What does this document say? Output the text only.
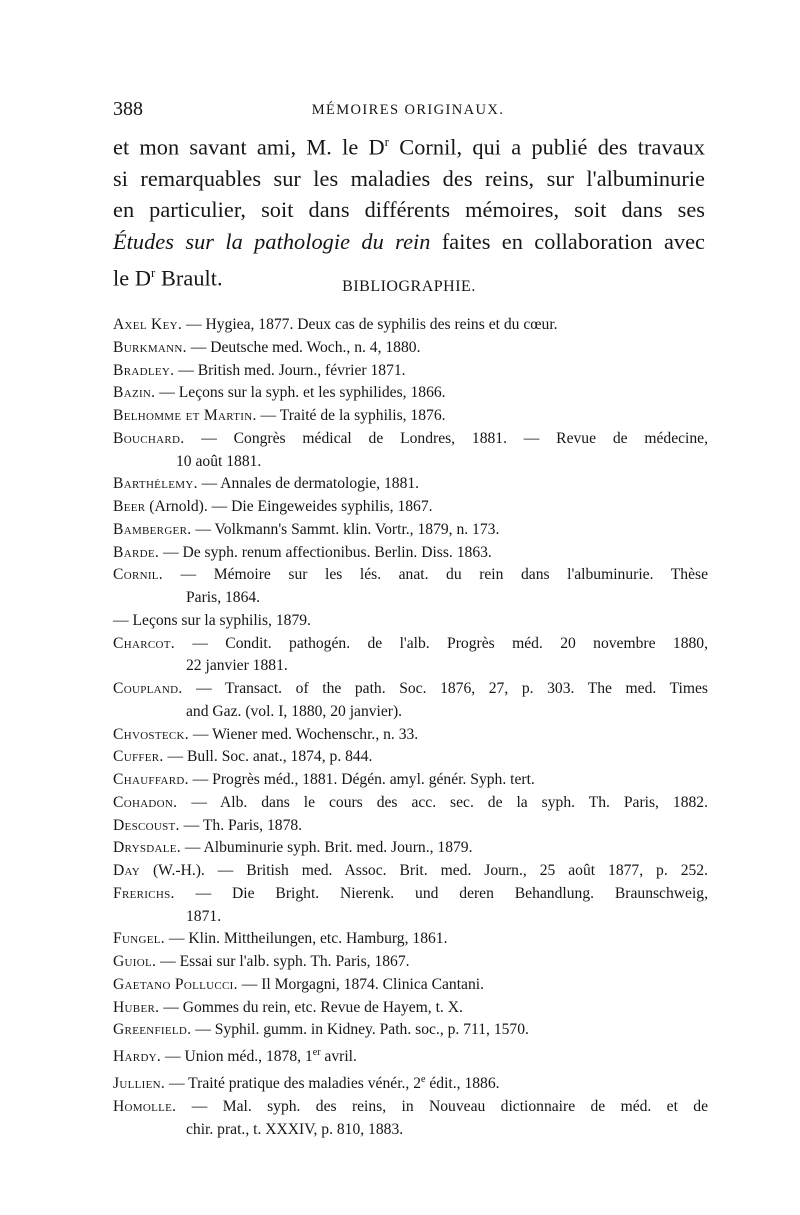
388	MÉMOIRES ORIGINAUX.
et mon savant ami, M. le $D^r$ Cornil, qui a publié des travaux
si remarquables sur les maladies des reins, sur l'albuminurie
en particulier, soit dans différents mémoires, soit dans ses
Études sur la pathologie du rein faites en collaboration avec
le $D^r$ Brault.	BIBLIOGRAPHIE.
Axel Key. — Hygiea, 1877. Deux cas de syphilis des reins et du cœur.
Burkmann. — Deutsche med. Woch., n. 4, 1880.
Bradley. — British med. Journ., février 1871.
Bazin. — Leçons sur la syph. et les syphilides, 1866.
Belhomme et Martin. — Traité de la syphilis, 1876.
Bouchard. — Congrès médical de Londres, 1881. — Revue de médecine,
10 août 1881.
Barthélemy. — Annales de dermatologie, 1881.
Beer (Arnold). — Die Eingeweides syphilis, 1867.
Bamberger. — Volkmann's Sammt. klin. Vortr., 1879, n. 173.
Barde. — De syph. renum affectionibus. Berlin. Diss. 1863.
Cornil. — Mémoire sur les lés. anat. du rein dans l'albuminurie. Thèse
Paris, 1864.
— Leçons sur la syphilis, 1879.
Charcot. — Condit. pathogén. de l'alb. Progrès méd. 20 novembre 1880,
22 janvier 1881.
Coupland. — Transact. of the path. Soc. 1876, 27, p. 303. The med. Times
and Gaz. (vol. I, 1880, 20 janvier).
Chvosteck. — Wiener med. Wochenschr., n. 33.
Cuffer. — Bull. Soc. anat., 1874, p. 844.
Chauffard. — Progrès méd., 1881. Dégén. amyl. génér. Syph. tert.
Cohadon. — Alb. dans le cours des acc. sec. de la syph. Th. Paris, 1882.
Descoust. — Th. Paris, 1878.
Drysdale. — Albuminurie syph. Brit. med. Journ., 1879.
Day (W.-H.). — British med. Assoc. Brit. med. Journ., 25 août 1877, p. 252.
Frerichs. — Die Bright. Nierenk. und deren Behandlung. Braunschweig,
1871.
Fungel. — Klin. Mittheilungen, etc. Hamburg, 1861.
Guiol. — Essai sur l'alb. syph. Th. Paris, 1867.
Gaetano Pollucci. — Il Morgagni, 1874. Clinica Cantani.
Huber. — Gommes du rein, etc. Revue de Hayem, t. X.
Greenfield. — Syphil. gumm. in Kidney. Path. soc., p. 711, 1570.
Hardy. — Union méd., 1878, 1er avril.
Jullien. — Traité pratique des maladies vénér., 2e édit., 1886.
Homolle. — Mal. syph. des reins, in Nouveau dictionnaire de méd. et de
chir. prat., t. XXXIV, p. 810, 1883.
